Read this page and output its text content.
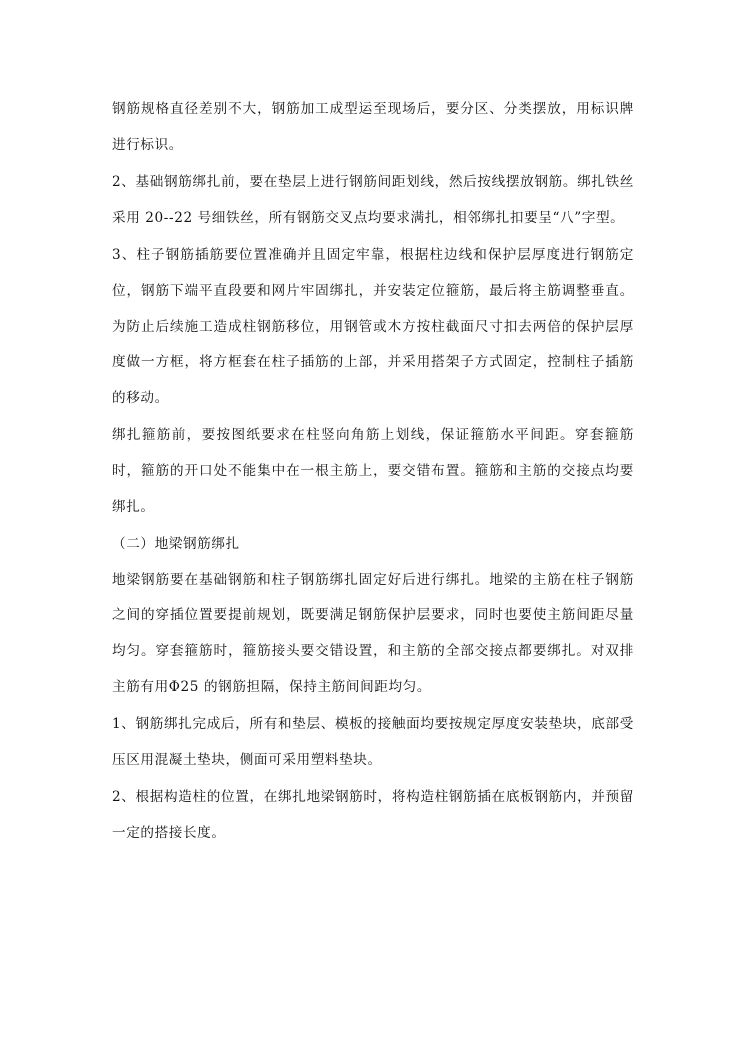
钢筋规格直径差别不大，钢筋加工成型运至现场后，要分区、分类摆放，用标识牌进行标识。

2、基础钢筋绑扎前，要在垫层上进行钢筋间距划线，然后按线摆放钢筋。绑扎铁丝采用 20--22 号细铁丝，所有钢筋交叉点均要求满扎，相邻绑扎扣要呈“八”字型。

3、柱子钢筋插筋要位置准确并且固定牢靠，根据柱边线和保护层厚度进行钢筋定位，钢筋下端平直段要和网片牢固绑扎，并安装定位箍筋，最后将主筋调整垂直。为防止后续施工造成柱钢筋移位，用钢管或木方按柱截面尺寸扣去两倍的保护层厚度做一方框，将方框套在柱子插筋的上部，并采用搭架子方式固定，控制柱子插筋的移动。

绑扎箍筋前，要按图纸要求在柱竖向角筋上划线，保证箍筋水平间距。穿套箍筋时，箍筋的开口处不能集中在一根主筋上，要交错布置。箍筋和主筋的交接点均要绑扎。

（二）地梁钢筋绑扎

地梁钢筋要在基础钢筋和柱子钢筋绑扎固定好后进行绑扎。地梁的主筋在柱子钢筋之间的穿插位置要提前规划，既要满足钢筋保护层要求，同时也要使主筋间距尽量均匀。穿套箍筋时，箍筋接头要交错设置，和主筋的全部交接点都要绑扎。对双排主筋有用Φ25 的钢筋担隔，保持主筋间间距均匀。

1、钢筋绑扎完成后，所有和垫层、模板的接触面均要按规定厚度安装垫块，底部受压区用混凝土垫块，侧面可采用塑料垫块。

2、根据构造柱的位置，在绑扎地梁钢筋时，将构造柱钢筋插在底板钢筋内，并预留一定的搭接长度。
